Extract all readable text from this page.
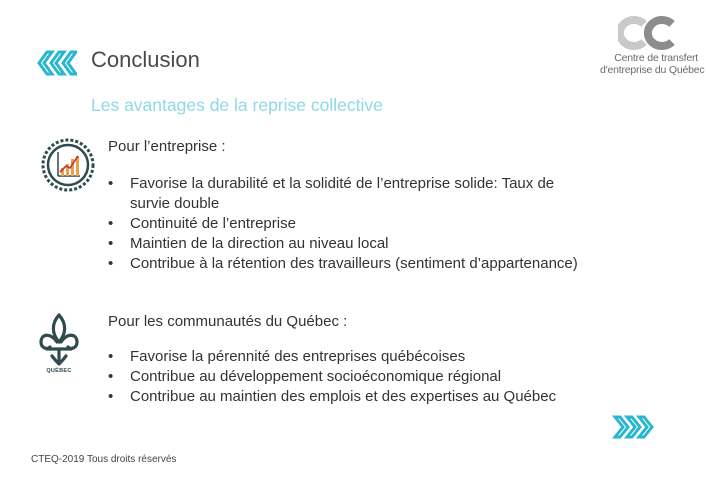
Conclusion	Centre de transfert
d'entreprise du Québec
Les avantages de la reprise collective
Pour l’entreprise :
• Favorise la durabilité et la solidité de l’entreprise solide: Taux de survie double
• Continuité de l’entreprise
• Maintien de la direction au niveau local
• Contribue à la rétention des travailleurs (sentiment d’appartenance)
QUÉBEC
Pour les communautés du Québec :
• Favorise la pérennité des entreprises québécoises
• Contribue au développement socioéconomique régional
• Contribue au maintien des emplois et des expertises au Québec
CTEQ-2019 Tous droits réservés
